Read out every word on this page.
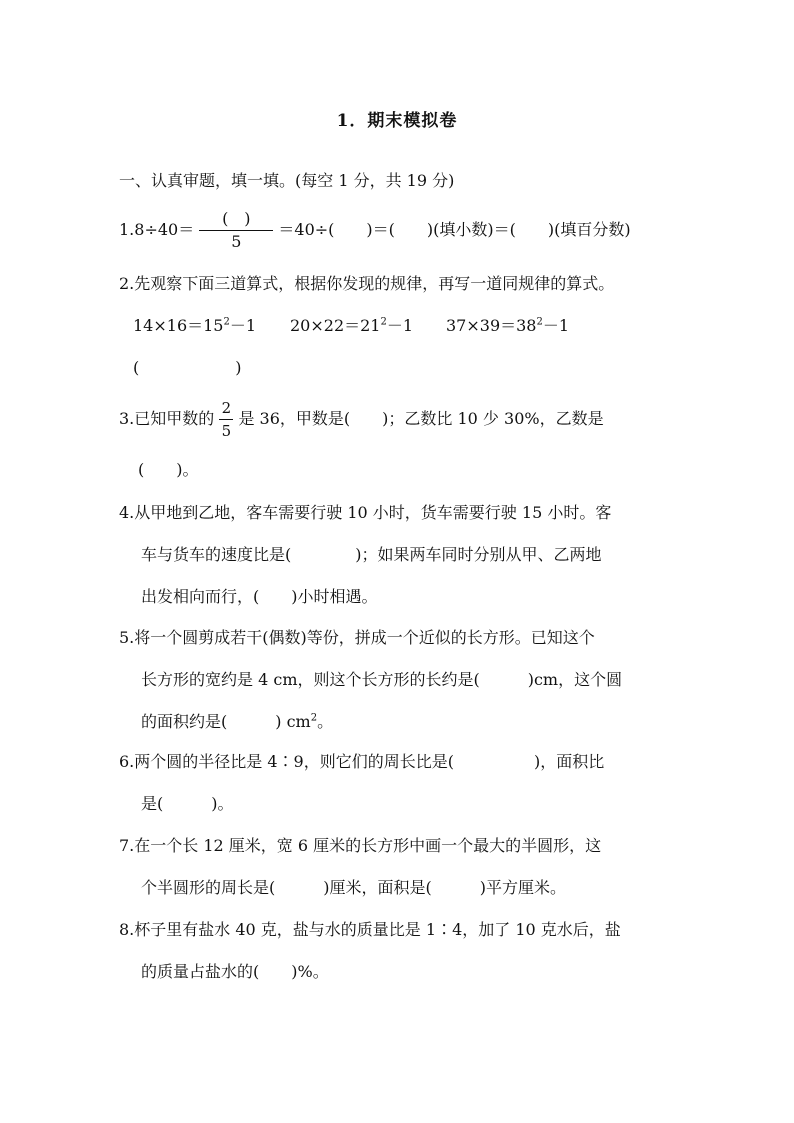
1．期末模拟卷
一、认真审题，填一填。(每空 1 分，共 19 分)
$1.8\div 40= \frac{( )}{5} =40\div$(　　)＝(　　)(填小数)＝(　　)(填百分数)
2.先观察下面三道算式，根据你发现的规律，再写一道同规律的算式。
$14\times 16=15^2-1$ $20\times 22=21^2-1$ $37\times 39=38^2-1$
(　　　　　　)
3.已知甲数的 $\frac{2}{5}$ 是 36，甲数是(　　)；乙数比 10 少 30%，乙数是
(　　)。
4.从甲地到乙地，客车需要行驶 10 小时，货车需要行驶 15 小时。客
车与货车的速度比是(　　　　)；如果两车同时分别从甲、乙两地
出发相向而行，(　　)小时相遇。
5.将一个圆剪成若干(偶数)等份，拼成一个近似的长方形。已知这个
长方形的宽约是 4 cm，则这个长方形的长约是(　　　)cm，这个圆
的面积约是(　　　) $cm^2$。
6.两个圆的半径比是 4∶9，则它们的周长比是(　　　　　)，面积比
是(　　　)。
7.在一个长 12 厘米，宽 6 厘米的长方形中画一个最大的半圆形，这
个半圆形的周长是(　　　)厘米，面积是(　　　)平方厘米。
8.杯子里有盐水 40 克，盐与水的质量比是 1∶4，加了 10 克水后，盐
的质量占盐水的(　　)%。
